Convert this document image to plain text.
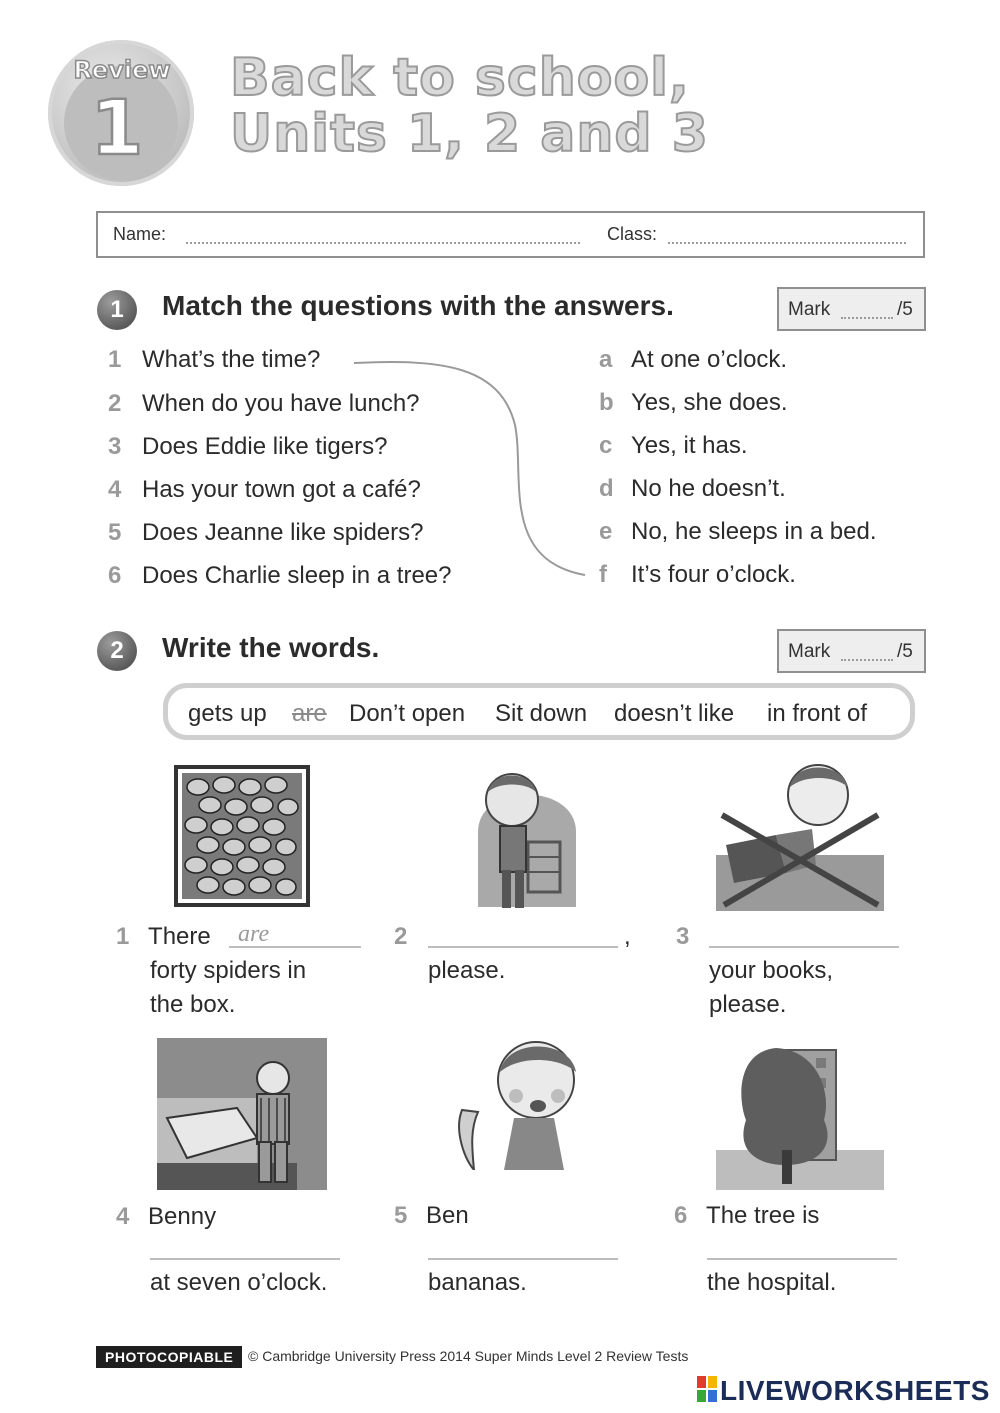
Review
1
Back to school,
Units 1, 2 and 3
Name:	Class:
1	Match the questions with the answers.	Mark	/5
1 What’s the time?
2 When do you have lunch?
3 Does Eddie like tigers?
4 Has your town got a café?
5 Does Jeanne like spiders?
6 Does Charlie sleep in a tree?
a At one o’clock.
b Yes, she does.
c Yes, it has.
d No he doesn’t.
e No, he sleeps in a bed.
f It’s four o’clock.
2	Write the words.	Mark	/5
gets up are Don’t open Sit down doesn’t like in front of
1 There are
forty spiders in
the box.
2	,
please.
3
your books,
please.
4 Benny
at seven o’clock.
5 Ben
bananas.
6 The tree is
the hospital.
PHOTOCOPIABLE	© Cambridge University Press 2014 Super Minds Level 2 Review Tests
LIVEWORKSHEETS
